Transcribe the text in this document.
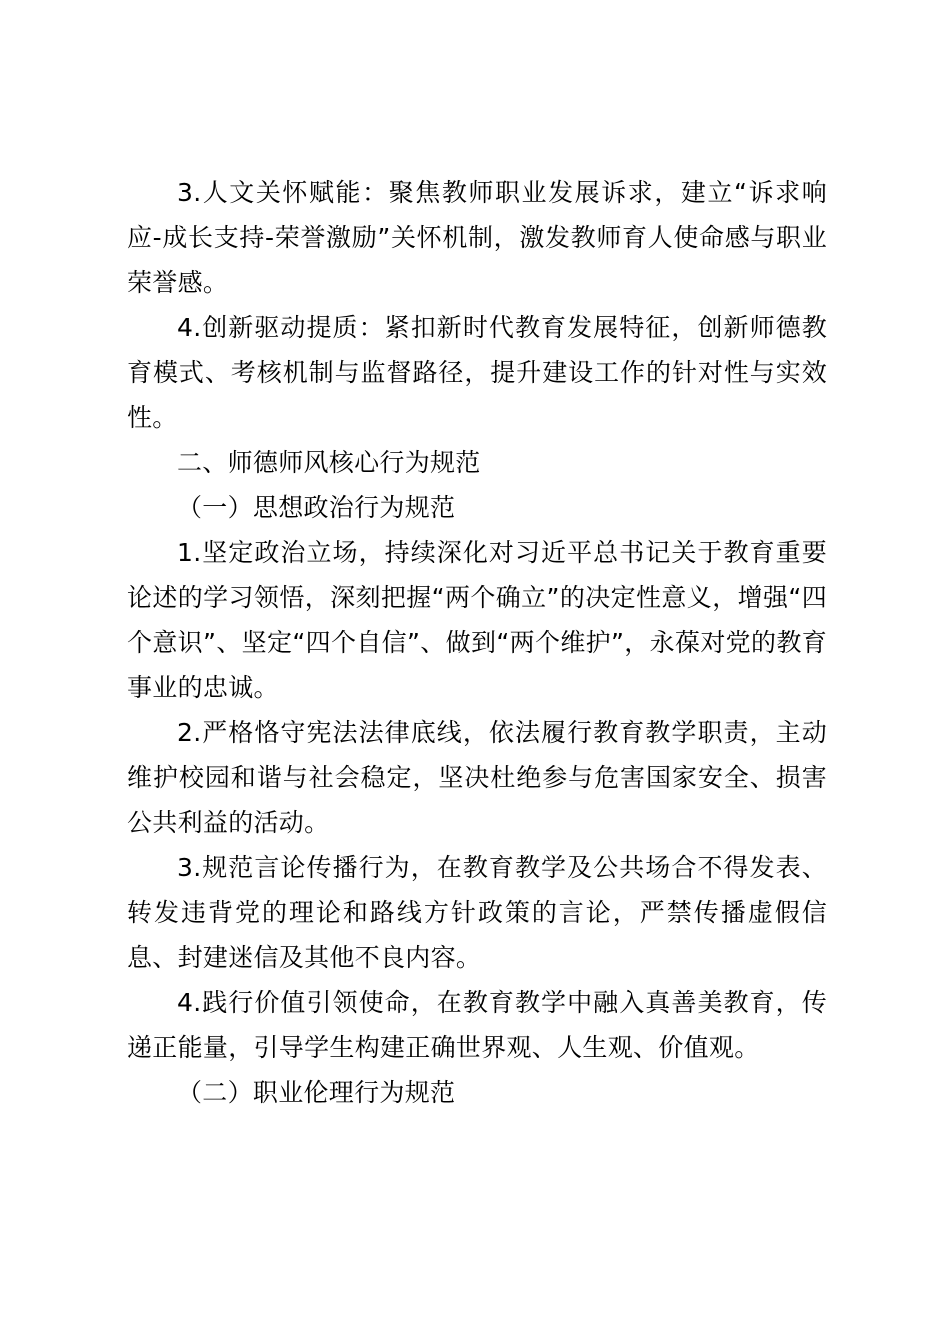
3.人文关怀赋能：聚焦教师职业发展诉求，建立“诉求响应-成长支持-荣誉激励”关怀机制，激发教师育人使命感与职业荣誉感。

4.创新驱动提质：紧扣新时代教育发展特征，创新师德教育模式、考核机制与监督路径，提升建设工作的针对性与实效性。

二、师德师风核心行为规范

（一）思想政治行为规范

1.坚定政治立场，持续深化对习近平总书记关于教育重要论述的学习领悟，深刻把握“两个确立”的决定性意义，增强“四个意识”、坚定“四个自信”、做到“两个维护”，永葆对党的教育事业的忠诚。

2.严格恪守宪法法律底线，依法履行教育教学职责，主动维护校园和谐与社会稳定，坚决杜绝参与危害国家安全、损害公共利益的活动。

3.规范言论传播行为，在教育教学及公共场合不得发表、转发违背党的理论和路线方针政策的言论，严禁传播虚假信息、封建迷信及其他不良内容。

4.践行价值引领使命，在教育教学中融入真善美教育，传递正能量，引导学生构建正确世界观、人生观、价值观。

（二）职业伦理行为规范
